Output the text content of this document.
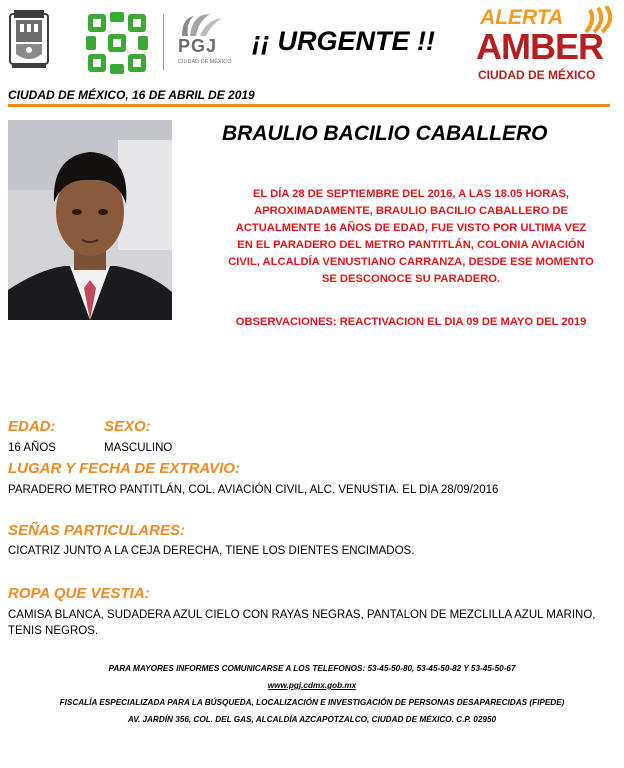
PGJ
CIUDAD DE MÉXICO
¡¡ URGENTE !!
ALERTA
AMBER
CIUDAD DE MÉXICO
CIUDAD DE MÉXICO, 16 DE ABRIL DE 2019
BRAULIO BACILIO CABALLERO
EL DÍA 28 DE SEPTIEMBRE DEL 2016, A LAS 18.05 HORAS, APROXIMADAMENTE, BRAULIO BACILIO CABALLERO DE ACTUALMENTE 16 AÑOS DE EDAD, FUE VISTO POR ULTIMA VEZ EN EL PARADERO DEL METRO PANTITLÁN, COLONIA AVIACIÓN CIVIL, ALCALDÍA VENUSTIANO CARRANZA, DESDE ESE MOMENTO SE DESCONOCE SU PARADERO.
OBSERVACIONES: REACTIVACION EL DIA 09 DE MAYO DEL 2019
EDAD:	SEXO:
16 AÑOS	MASCULINO
LUGAR Y FECHA DE EXTRAVIO:
PARADERO METRO PANTITLÁN, COL. AVIACIÓN CIVIL, ALC. VENUSTIA. EL DIA 28/09/2016
SEÑAS PARTICULARES:
CICATRIZ JUNTO A LA CEJA DERECHA, TIENE LOS DIENTES ENCIMADOS.
ROPA QUE VESTIA:
CAMISA BLANCA, SUDADERA AZUL CIELO CON RAYAS NEGRAS, PANTALON DE MEZCLILLA AZUL MARINO, TENIS NEGROS.
PARA MAYORES INFORMES COMUNICARSE A LOS TELEFONOS: 53-45-50-80, 53-45-50-82 Y 53-45-50-67
www.pgj.cdmx.gob.mx
FISCALÍA ESPECIALIZADA PARA LA BÚSQUEDA, LOCALIZACIÓN E INVESTIGACIÓN DE PERSONAS DESAPARECIDAS (FIPEDE)
AV. JARDÍN 356, COL. DEL GAS, ALCALDÍA AZCAPOTZALCO, CIUDAD DE MÉXICO. C.P. 02950
